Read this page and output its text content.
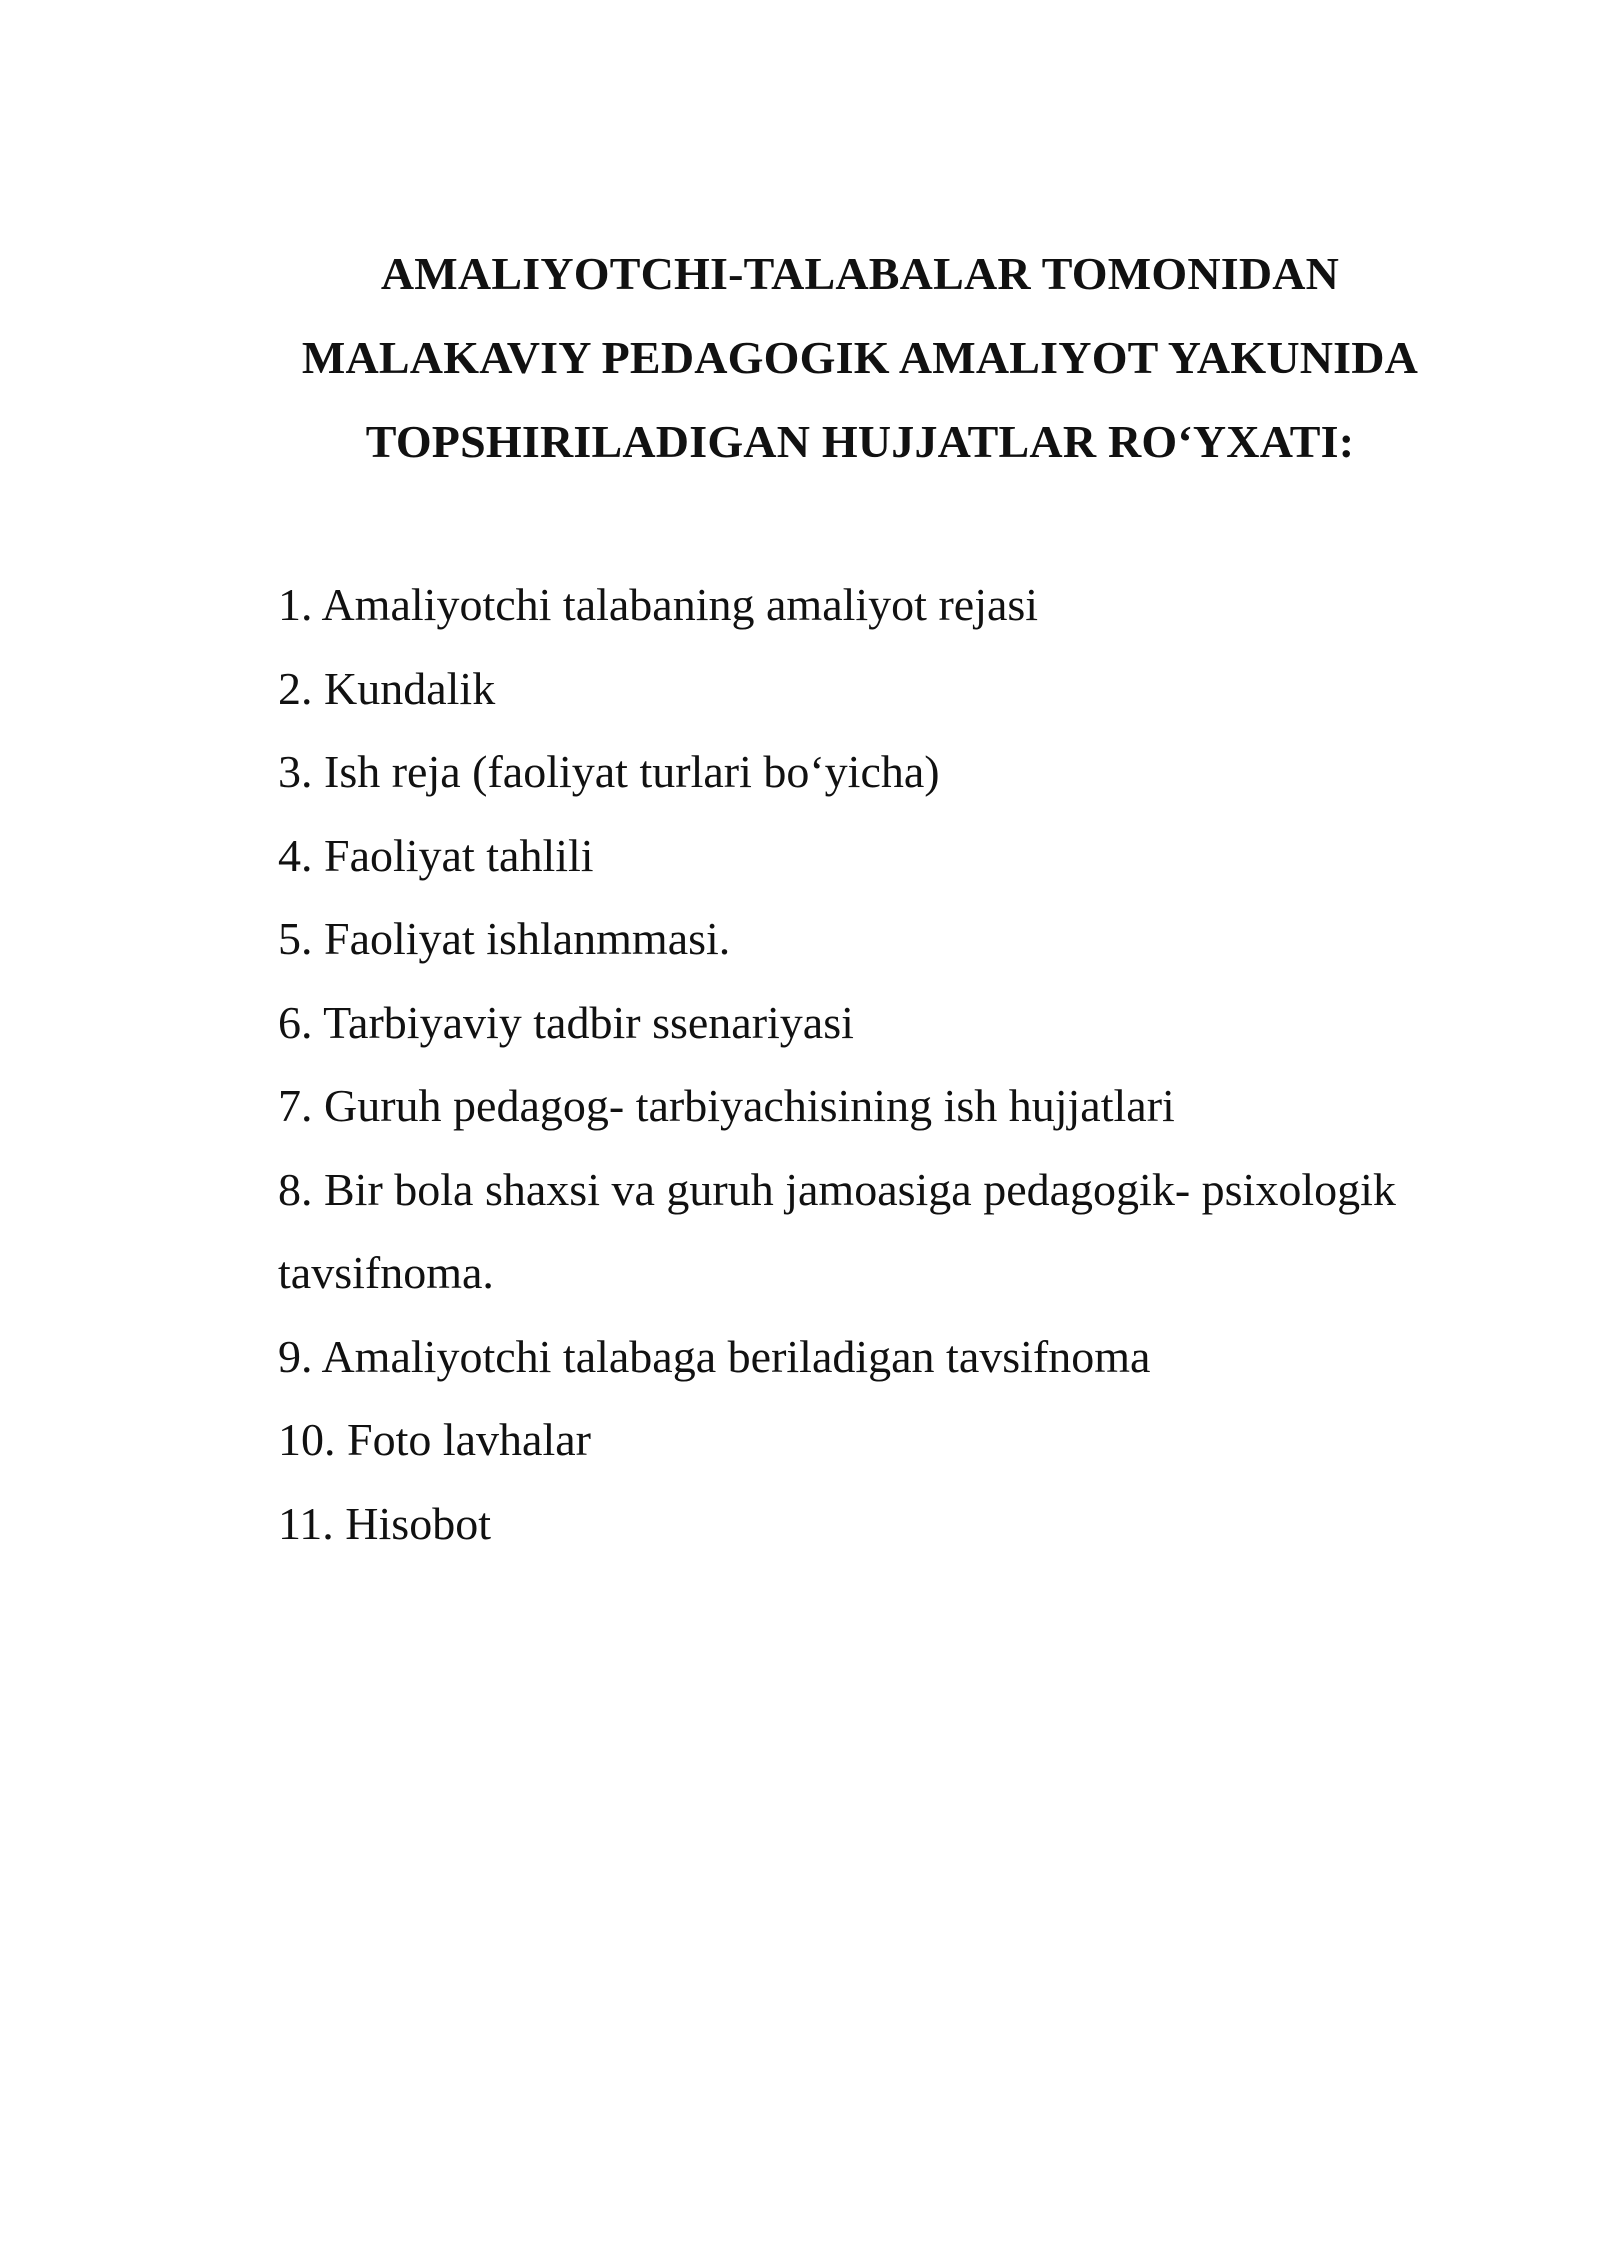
AMALIYOTCHI-TALABALAR TOMONIDAN
MALAKAVIY PEDAGOGIK AMALIYOT YAKUNIDA
TOPSHIRILADIGAN HUJJATLAR RO‘YXATI:
1. Amaliyotchi talabaning amaliyot rejasi
2. Kundalik
3. Ish reja (faoliyat turlari bo‘yicha)
4. Faoliyat tahlili
5. Faoliyat ishlanmmasi.
6. Tarbiyaviy tadbir ssenariyasi
7. Guruh pedagog- tarbiyachisining ish hujjatlari
8. Bir bola shaxsi va guruh jamoasiga pedagogik- psixologik
tavsifnoma.
9. Amaliyotchi talabaga beriladigan tavsifnoma
10. Foto lavhalar
11. Hisobot
